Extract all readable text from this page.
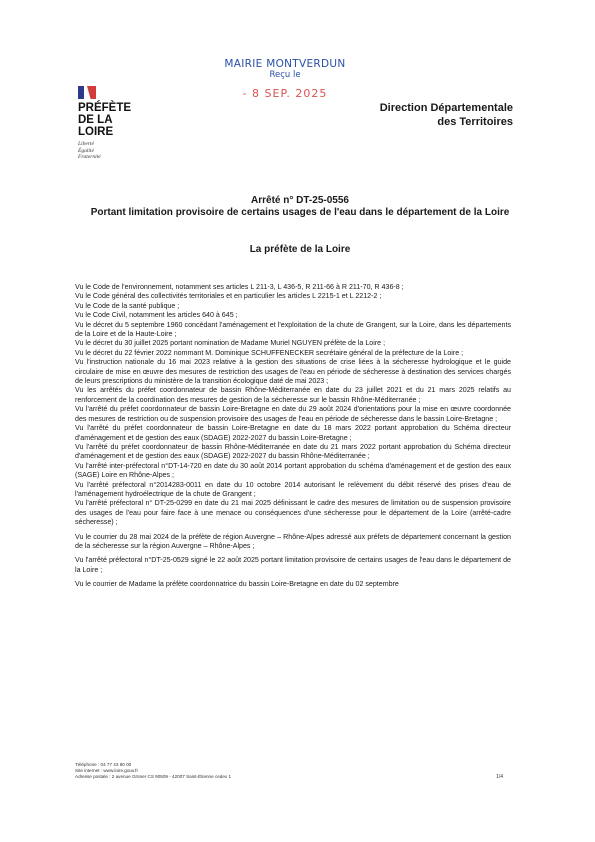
MAIRIE MONTVERDUN
Reçu le
- 8 SEP. 2025
PRÉFÈTE
DE LA LOIRE
Liberté
Égalité
Fraternité
Direction Départementale
des Territoires
Arrêté n° DT-25-0556
Portant limitation provisoire de certains usages de l'eau dans le département de la Loire
La préfète de la Loire

Vu le Code de l'environnement, notamment ses articles L 211-3, L 436-5, R 211-66 à R 211-70, R 436-8 ;

Vu le Code général des collectivités territoriales et en particulier les articles L 2215-1 et L 2212-2 ;

Vu le Code de la santé publique ;

Vu le Code Civil, notamment les articles 640 à 645 ;

Vu le décret du 5 septembre 1960 concédant l'aménagement et l'exploitation de la chute de Grangent, sur la Loire, dans les départements de la Loire et de la Haute-Loire ;

Vu le décret du 30 juillet 2025 portant nomination de Madame Muriel NGUYEN préfète de la Loire ;

Vu le décret du 22 février 2022 nommant M. Dominique SCHUFFENECKER secrétaire général de la préfecture de la Loire ;

Vu l'instruction nationale du 16 mai 2023 relative à la gestion des situations de crise liées à la sécheresse hydrologique et le guide circulaire de mise en œuvre des mesures de restriction des usages de l'eau en période de sécheresse à destination des services chargés de leurs prescriptions du ministère de la transition écologique daté de mai 2023 ;

Vu les arrêtés du préfet coordonnateur de bassin Rhône-Méditerranée en date du 23 juillet 2021 et du 21 mars 2025 relatifs au renforcement de la coordination des mesures de gestion de la sécheresse sur le bassin Rhône-Méditerranée ;

Vu l'arrêté du préfet coordonnateur de bassin Loire-Bretagne en date du 29 août 2024 d'orientations pour la mise en œuvre coordonnée des mesures de restriction ou de suspension provisoire des usages de l'eau en période de sécheresse dans le bassin Loire-Bretagne ;

Vu l'arrêté du préfet coordonnateur de bassin Loire-Bretagne en date du 18 mars 2022 portant approbation du Schéma directeur d'aménagement et de gestion des eaux (SDAGE) 2022-2027 du bassin Loire-Bretagne ;

Vu l'arrêté du préfet coordonnateur de bassin Rhône-Méditerranée en date du 21 mars 2022 portant approbation du Schéma directeur d'aménagement et de gestion des eaux (SDAGE) 2022-2027 du bassin Rhône-Méditerranée ;

Vu l'arrêté inter-préfectoral n°DT-14-720 en date du 30 août 2014 portant approbation du schéma d'aménagement et de gestion des eaux (SAGE) Loire en Rhône-Alpes ;

Vu l'arrêté préfectoral n°2014283-0011 en date du 10 octobre 2014 autorisant le relèvement du débit réservé des prises d'eau de l'aménagement hydroélectrique de la chute de Grangent ;

Vu l'arrêté préfectoral n° DT-25-0299 en date du 21 mai 2025 définissant le cadre des mesures de limitation ou de suspension provisoire des usages de l'eau pour faire face à une menace ou conséquences d'une sécheresse pour le département de la Loire (arrêté-cadre sécheresse) ;

Vu le courrier du 28 mai 2024 de la préfète de région Auvergne – Rhône-Alpes adressé aux préfets de département concernant la gestion de la sécheresse sur la région Auvergne – Rhône-Alpes ;

Vu l'arrêté préfectoral n°DT-25-0529 signé le 22 août 2025 portant limitation provisoire de certains usages de l'eau dans le département de la Loire ;

Vu le courrier de Madame la préfète coordonnatrice du bassin Loire-Bretagne en date du 02 septembre

Téléphone : 04 77 43 80 00
Site internet : www.loire.gouv.fr
Adresse postale : 2 avenue Grüner CS 90509 - 42007 Saint-Étienne cedex 1	1/4
